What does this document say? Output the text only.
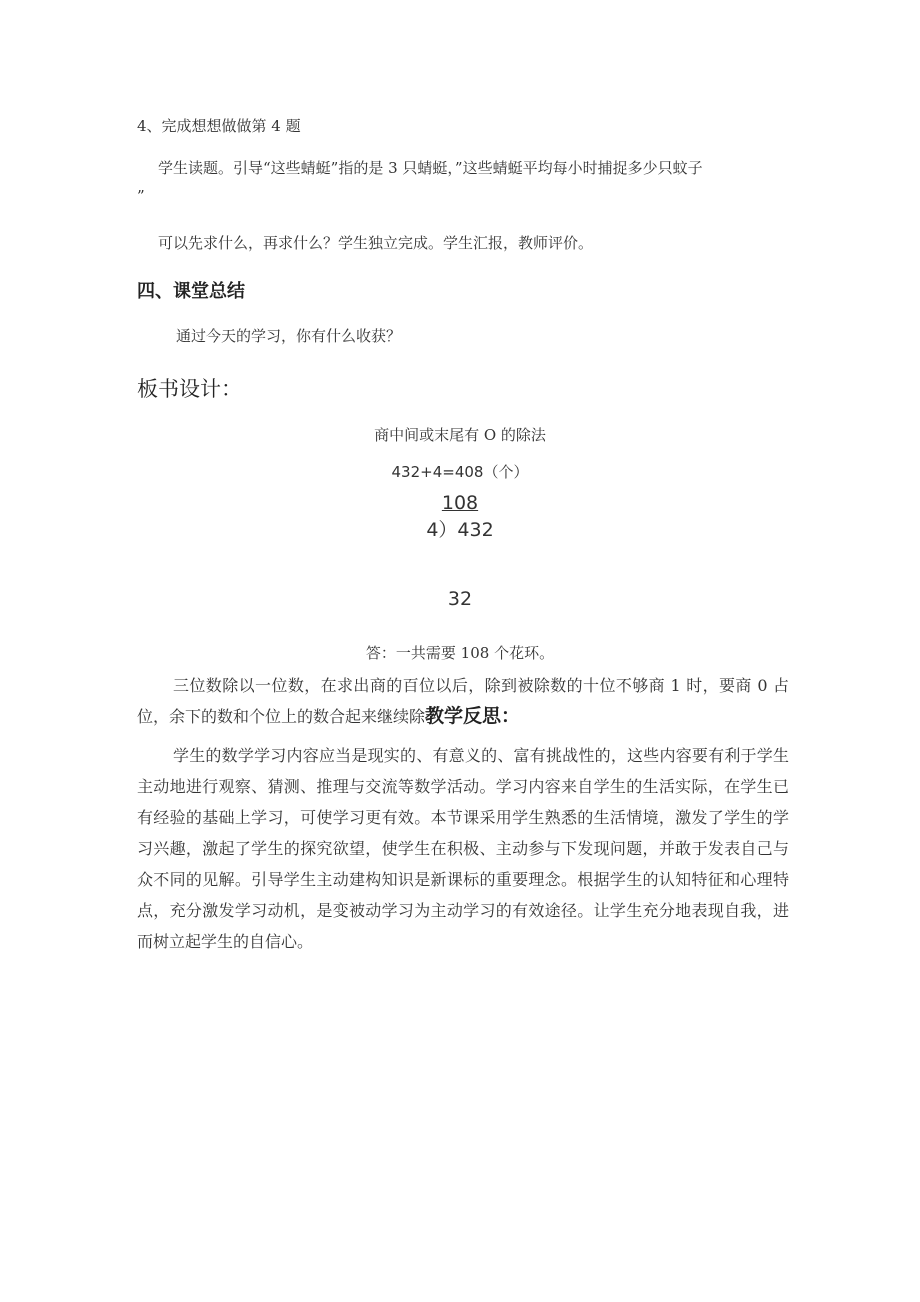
4、完成想想做做第 4 题
学生读题。引导“这些蜻蜓”指的是 3 只蜻蜓，”这些蜻蜓平均每小时捕捉多少只蚊子
”
可以先求什么，再求什么？学生独立完成。学生汇报，教师评价。
四、课堂总结
通过今天的学习，你有什么收获？
板书设计：
商中间或末尾有 O 的除法
432+4=408（个）
108
4）432
32
答：一共需要 108 个花环。
三位数除以一位数，在求出商的百位以后，除到被除数的十位不够商 1 时，要商 0 占位，余下的数和个位上的数合起来继续除教学反思：
学生的数学学习内容应当是现实的、有意义的、富有挑战性的，这些内容要有利于学生主动地进行观察、猜测、推理与交流等数学活动。学习内容来自学生的生活实际，在学生已有经验的基础上学习，可使学习更有效。本节课采用学生熟悉的生活情境，激发了学生的学习兴趣，激起了学生的探究欲望，使学生在积极、主动参与下发现问题，并敢于发表自己与众不同的见解。引导学生主动建构知识是新课标的重要理念。根据学生的认知特征和心理特点，充分激发学习动机，是变被动学习为主动学习的有效途径。让学生充分地表现自我，进而树立起学生的自信心。
